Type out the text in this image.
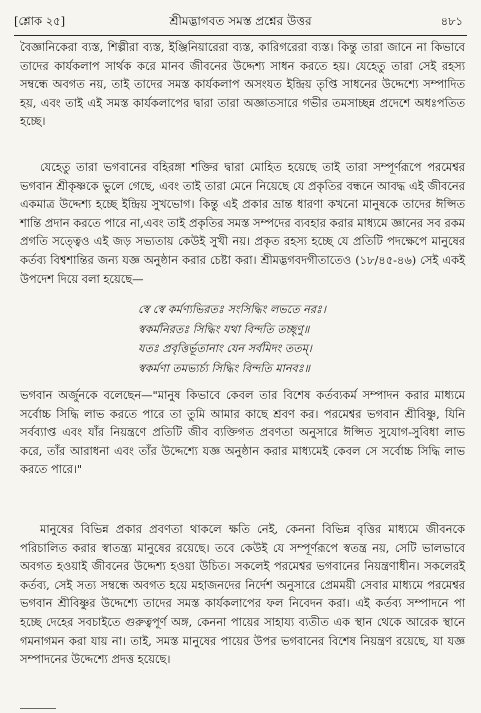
[শ্লোক ২৫]	শ্রীমদ্ভাগবত সমস্ত প্রশ্নের উত্তর	৪৮১

বৈজ্ঞানিকেরা ব্যস্ত, শিল্পীরা ব্যস্ত, ইঞ্জিনিয়ারেরা ব্যস্ত, কারিগরেরা ব্যস্ত। কিন্তু তারা জানে না কিভাবে তাদের কার্যকলাপ সার্থক করে মানব জীবনের উদ্দেশ্য সাধন করতে হয়। যেহেতু তারা সেই রহস্য সম্বন্ধে অবগত নয়, তাই তাদের সমস্ত কার্যকলাপ অসংযত ইন্দ্রিয় তৃপ্তি সাধনের উদ্দেশ্যে সম্পাদিত হয়, এবং তাই এই সমস্ত কার্যকলাপের দ্বারা তারা অজ্ঞাতসারে গভীর তমসাচ্ছন্ন প্রদেশে অধঃপতিত হচ্ছে।

যেহেতু তারা ভগবানের বহিরঙ্গা শক্তির দ্বারা মোহিত হয়েছে তাই তারা সম্পূর্ণরূপে পরমেশ্বর ভগবান শ্রীকৃষ্ণকে ভুলে গেছে, এবং তাই তারা মেনে নিয়েছে যে প্রকৃতির বন্ধনে আবদ্ধ এই জীবনের একমাত্র উদ্দেশ্য হচ্ছে ইন্দ্রিয় সুখভোগ। কিন্তু এই প্রকার ভ্রান্ত ধারণা কখনো মানুষকে তাদের ঈপ্সিত শান্তি প্রদান করতে পারে না,এবং তাই প্রকৃতির সমস্ত সম্পদের ব্যবহার করার মাধ্যমে জ্ঞানের সব রকম প্রগতি সত্ত্বেও এই জড় সভ্যতায় কেউই সুখী নয়। প্রকৃত রহস্য হচ্ছে যে প্রতিটি পদক্ষেপে মানুষের কর্তব্য বিশ্বশান্তির জন্য যজ্ঞ অনুষ্ঠান করার চেষ্টা করা। শ্রীমদ্ভগবদগীতাতেও (১৮/৪৫-৪৬) সেই একই উপদেশ দিয়ে বলা হয়েছে—

স্বে স্বে কর্মণ্যভিরতঃ সংসিদ্ধিং লভতে নরঃ।
স্বকর্মনিরতঃ সিদ্ধিং যথা বিন্দতি তচ্ছৃণু॥
যতঃ প্রবৃত্তির্ভূতানাং যেন সর্বমিদং ততম্।
স্বকর্মণা তমভ্যর্চ্য সিদ্ধিং বিন্দতি মানবঃ॥

ভগবান অর্জুনকে বলেছেন—"মানুষ কিভাবে কেবল তার বিশেষ কর্তব্যকর্ম সম্পাদন করার মাধ্যমে সর্বোচ্চ সিদ্ধি লাভ করতে পারে তা তুমি আমার কাছে শ্রবণ কর। পরমেশ্বর ভগবান শ্রীবিষ্ণু, যিনি সর্বব্যাপ্ত এবং যাঁর নিয়ন্ত্রণে প্রতিটি জীব ব্যক্তিগত প্রবণতা অনুসারে ঈপ্সিত সুযোগ-সুবিধা লাভ করে, তাঁর আরাধনা এবং তাঁর উদ্দেশ্যে যজ্ঞ অনুষ্ঠান করার মাধ্যমেই কেবল সে সর্বোচ্চ সিদ্ধি লাভ করতে পারে।"

মানুষের বিভিন্ন প্রকার প্রবণতা থাকলে ক্ষতি নেই, কেননা বিভিন্ন বৃত্তির মাধ্যমে জীবনকে পরিচালিত করার স্বাতন্ত্র্য মানুষের রয়েছে। তবে কেউই যে সম্পূর্ণরূপে স্বতন্ত্র নয়, সেটি ভালভাবে অবগত হওয়াই জীবনের উদ্দেশ্য হওয়া উচিত। সকলেই পরমেশ্বর ভগবানের নিয়ন্ত্রণাধীন। সকলেরই কর্তব্য, সেই সত্য সম্বন্ধে অবগত হয়ে মহাজনদের নির্দেশ অনুসারে প্রেমময়ী সেবার মাধ্যমে পরমেশ্বর ভগবান শ্রীবিষ্ণুর উদ্দেশ্যে তাদের সমস্ত কার্যকলাপের ফল নিবেদন করা। এই কর্তব্য সম্পাদনে পা হচ্ছে দেহের সবচাইতে গুরুত্বপূর্ণ অঙ্গ, কেননা পায়ের সাহায্য ব্যতীত এক স্থান থেকে আরেক স্থানে গমনাগমন করা যায় না। তাই, সমস্ত মানুষের পায়ের উপর ভগবানের বিশেষ নিয়ন্ত্রণ রয়েছে, যা যজ্ঞ সম্পাদনের উদ্দেশ্যে প্রদত্ত হয়েছে।
